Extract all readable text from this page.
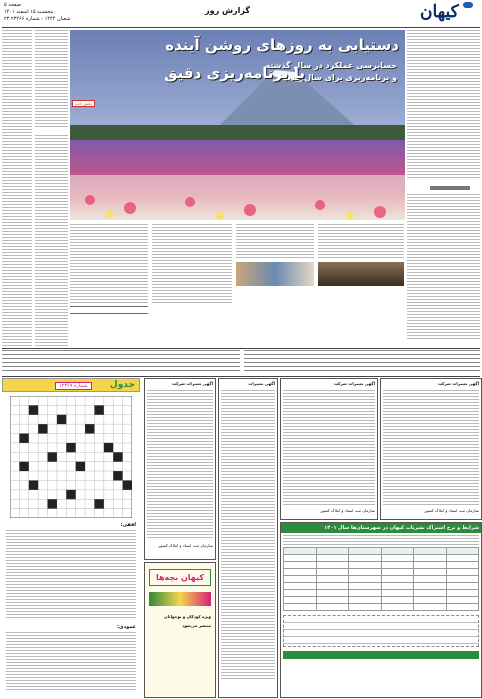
صفحه ۵
پنجشنبه ۱۵ اسفند ۱۴۰۱
۲۳ شعبان ۱۴۴۴ - شماره ۲۳۲۶۶
گزارش روز	کیهان
دستیابی به روزهای روشن آینده
حسابرسی عملکرد در سال گذشته
و برنامه‌ریزی برای سال جدید
با برنامه‌ریزی دقیق
بخش ادب
جدول
شماره ۱۲۳۶۹
افقی:
عمودی:
آگهی تغییرات شرکت
سازمان ثبت اسناد و املاک کشور
کیهان بچه‌ها
ویژه کودکان و نوجوانان
منتشر می‌شود
آگهی تغییرات	آگهی تغییرات شرکت
سازمان ثبت اسناد و املاک کشور
آگهی تغییرات شرکت
سازمان ثبت اسناد و املاک کشور
شرایط و نرخ اشتراک نشریات کیهان در شهرستان‌ها سال ۱۴۰۱
